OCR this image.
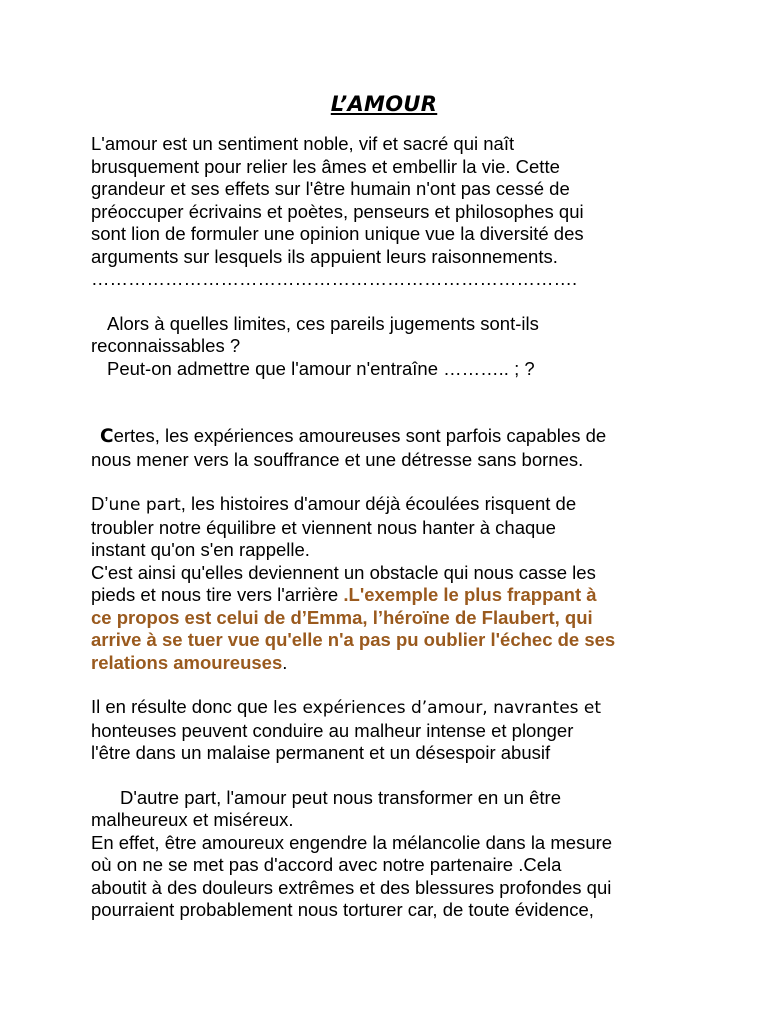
L’AMOUR
L'amour est un sentiment noble, vif et sacré qui naît
brusquement pour relier les âmes et embellir la vie. Cette
grandeur et ses effets sur l'être humain n'ont pas cessé de
préoccuper écrivains et poètes, penseurs et philosophes qui
sont lion de formuler une opinion unique vue la diversité des
arguments sur lesquels ils appuient leurs raisonnements.
…………………………………………………………………….
Alors à quelles limites, ces pareils jugements sont-ils
reconnaissables ?
Peut-on admettre que l'amour n'entraîne ……….. ; ?
Certes, les expériences amoureuses sont parfois capables de
nous mener vers la souffrance et une détresse sans bornes.
D’une part, les histoires d'amour déjà écoulées risquent de
troubler notre équilibre et viennent nous hanter à chaque
instant qu'on s'en rappelle.
C'est ainsi qu'elles deviennent un obstacle qui nous casse les
pieds et nous tire vers l'arrière .L'exemple le plus frappant à
ce propos est celui de d’Emma, l’héroïne de Flaubert, qui
arrive à se tuer vue qu'elle n'a pas pu oublier l'échec de ses
relations amoureuses.
Il en résulte donc que les expériences d’amour, navrantes et
honteuses peuvent conduire au malheur intense et plonger
l'être dans un malaise permanent et un désespoir abusif
D'autre part, l'amour peut nous transformer en un être
malheureux et miséreux.
En effet, être amoureux engendre la mélancolie dans la mesure
où on ne se met pas d'accord avec notre partenaire .Cela
aboutit à des douleurs extrêmes et des blessures profondes qui
pourraient probablement nous torturer car, de toute évidence,
